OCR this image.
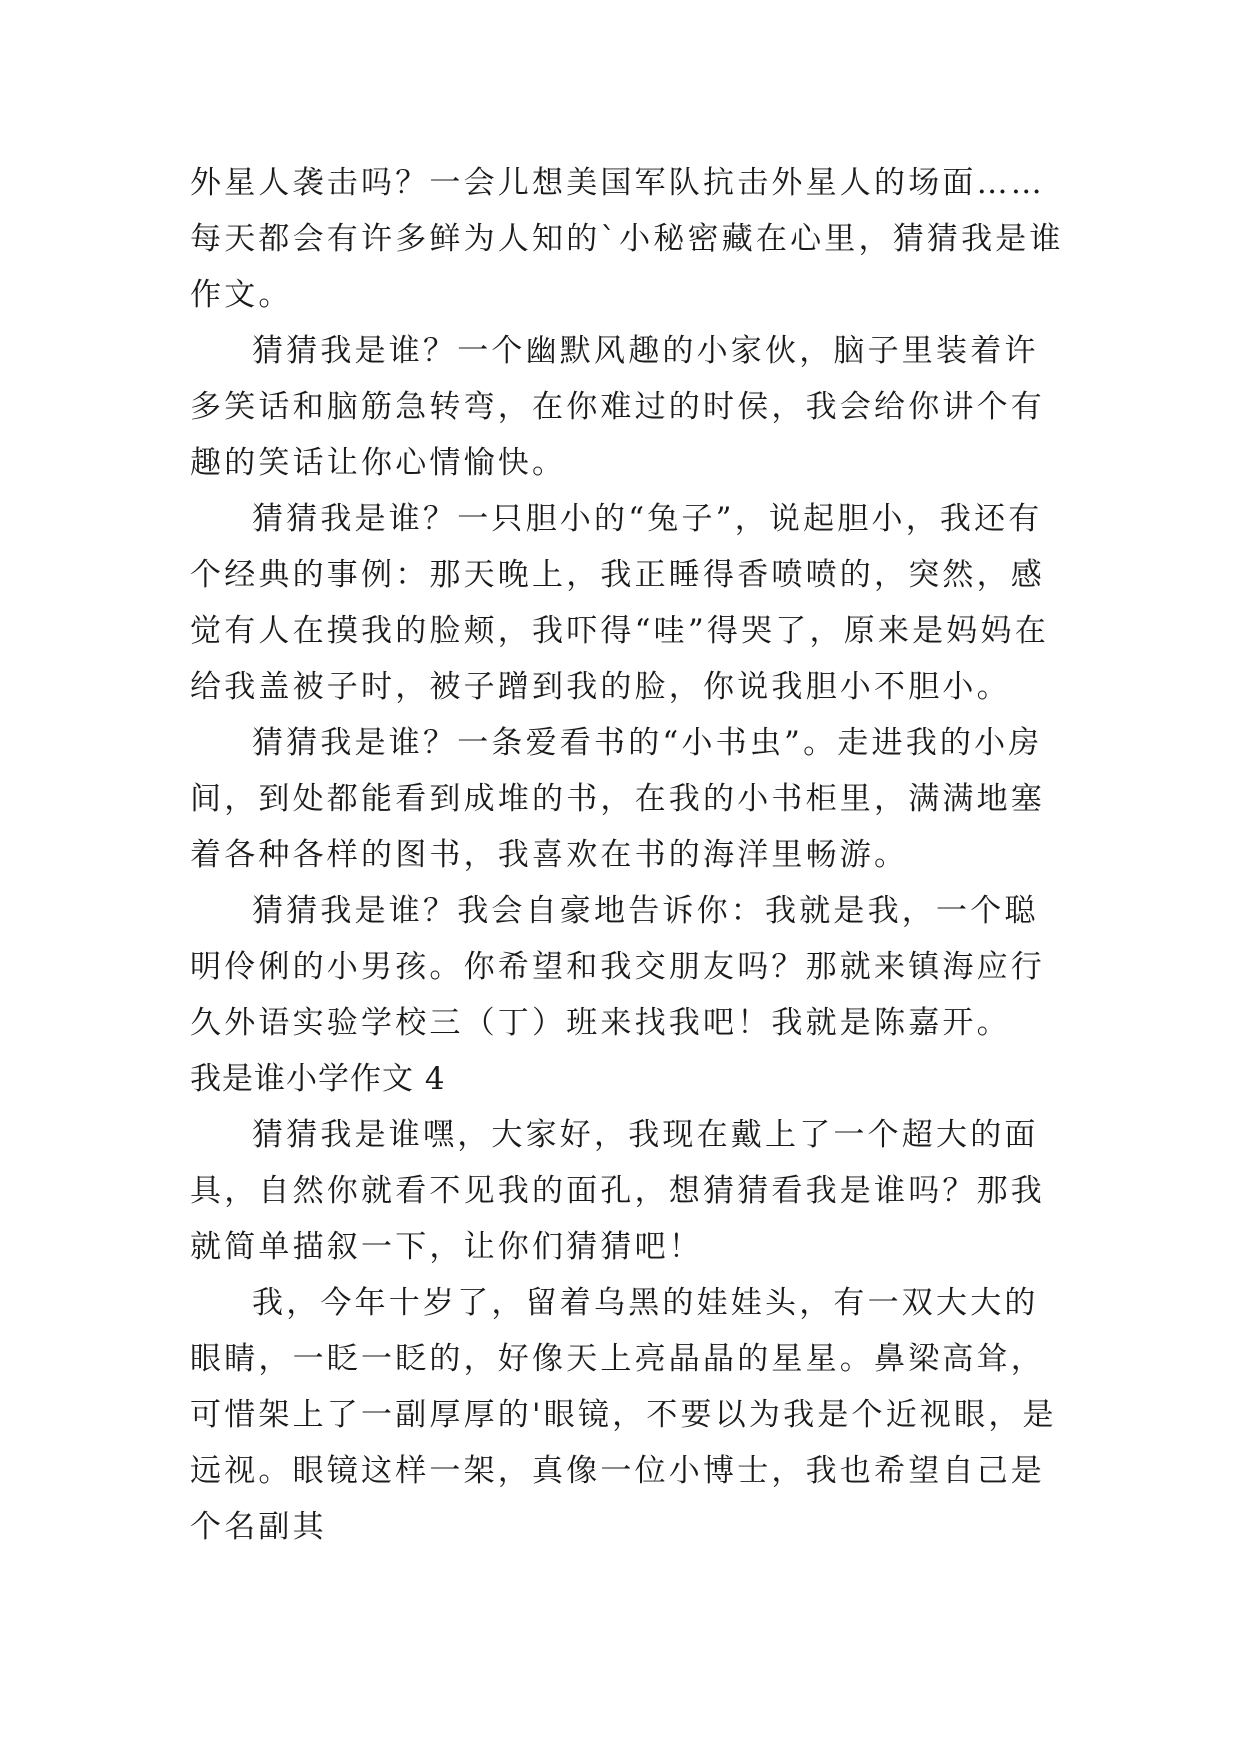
外星人袭击吗？一会儿想美国军队抗击外星人的场面……每天都会有许多鲜为人知的`小秘密藏在心里，猜猜我是谁作文。

猜猜我是谁？一个幽默风趣的小家伙，脑子里装着许多笑话和脑筋急转弯，在你难过的时侯，我会给你讲个有趣的笑话让你心情愉快。

猜猜我是谁？一只胆小的“兔子”，说起胆小，我还有个经典的事例：那天晚上，我正睡得香喷喷的，突然，感觉有人在摸我的脸颊，我吓得“哇”得哭了，原来是妈妈在给我盖被子时，被子蹭到我的脸，你说我胆小不胆小。

猜猜我是谁？一条爱看书的“小书虫”。走进我的小房间，到处都能看到成堆的书，在我的小书柜里，满满地塞着各种各样的图书，我喜欢在书的海洋里畅游。

猜猜我是谁？我会自豪地告诉你：我就是我，一个聪明伶俐的小男孩。你希望和我交朋友吗？那就来镇海应行久外语实验学校三（丁）班来找我吧！我就是陈嘉开。

我是谁小学作文 4

猜猜我是谁嘿，大家好，我现在戴上了一个超大的面具，自然你就看不见我的面孔，想猜猜看我是谁吗？那我就简单描叙一下，让你们猜猜吧！

我，今年十岁了，留着乌黑的娃娃头，有一双大大的眼睛，一眨一眨的，好像天上亮晶晶的星星。鼻梁高耸，可惜架上了一副厚厚的'眼镜，不要以为我是个近视眼，是远视。眼镜这样一架，真像一位小博士，我也希望自己是个名副其
